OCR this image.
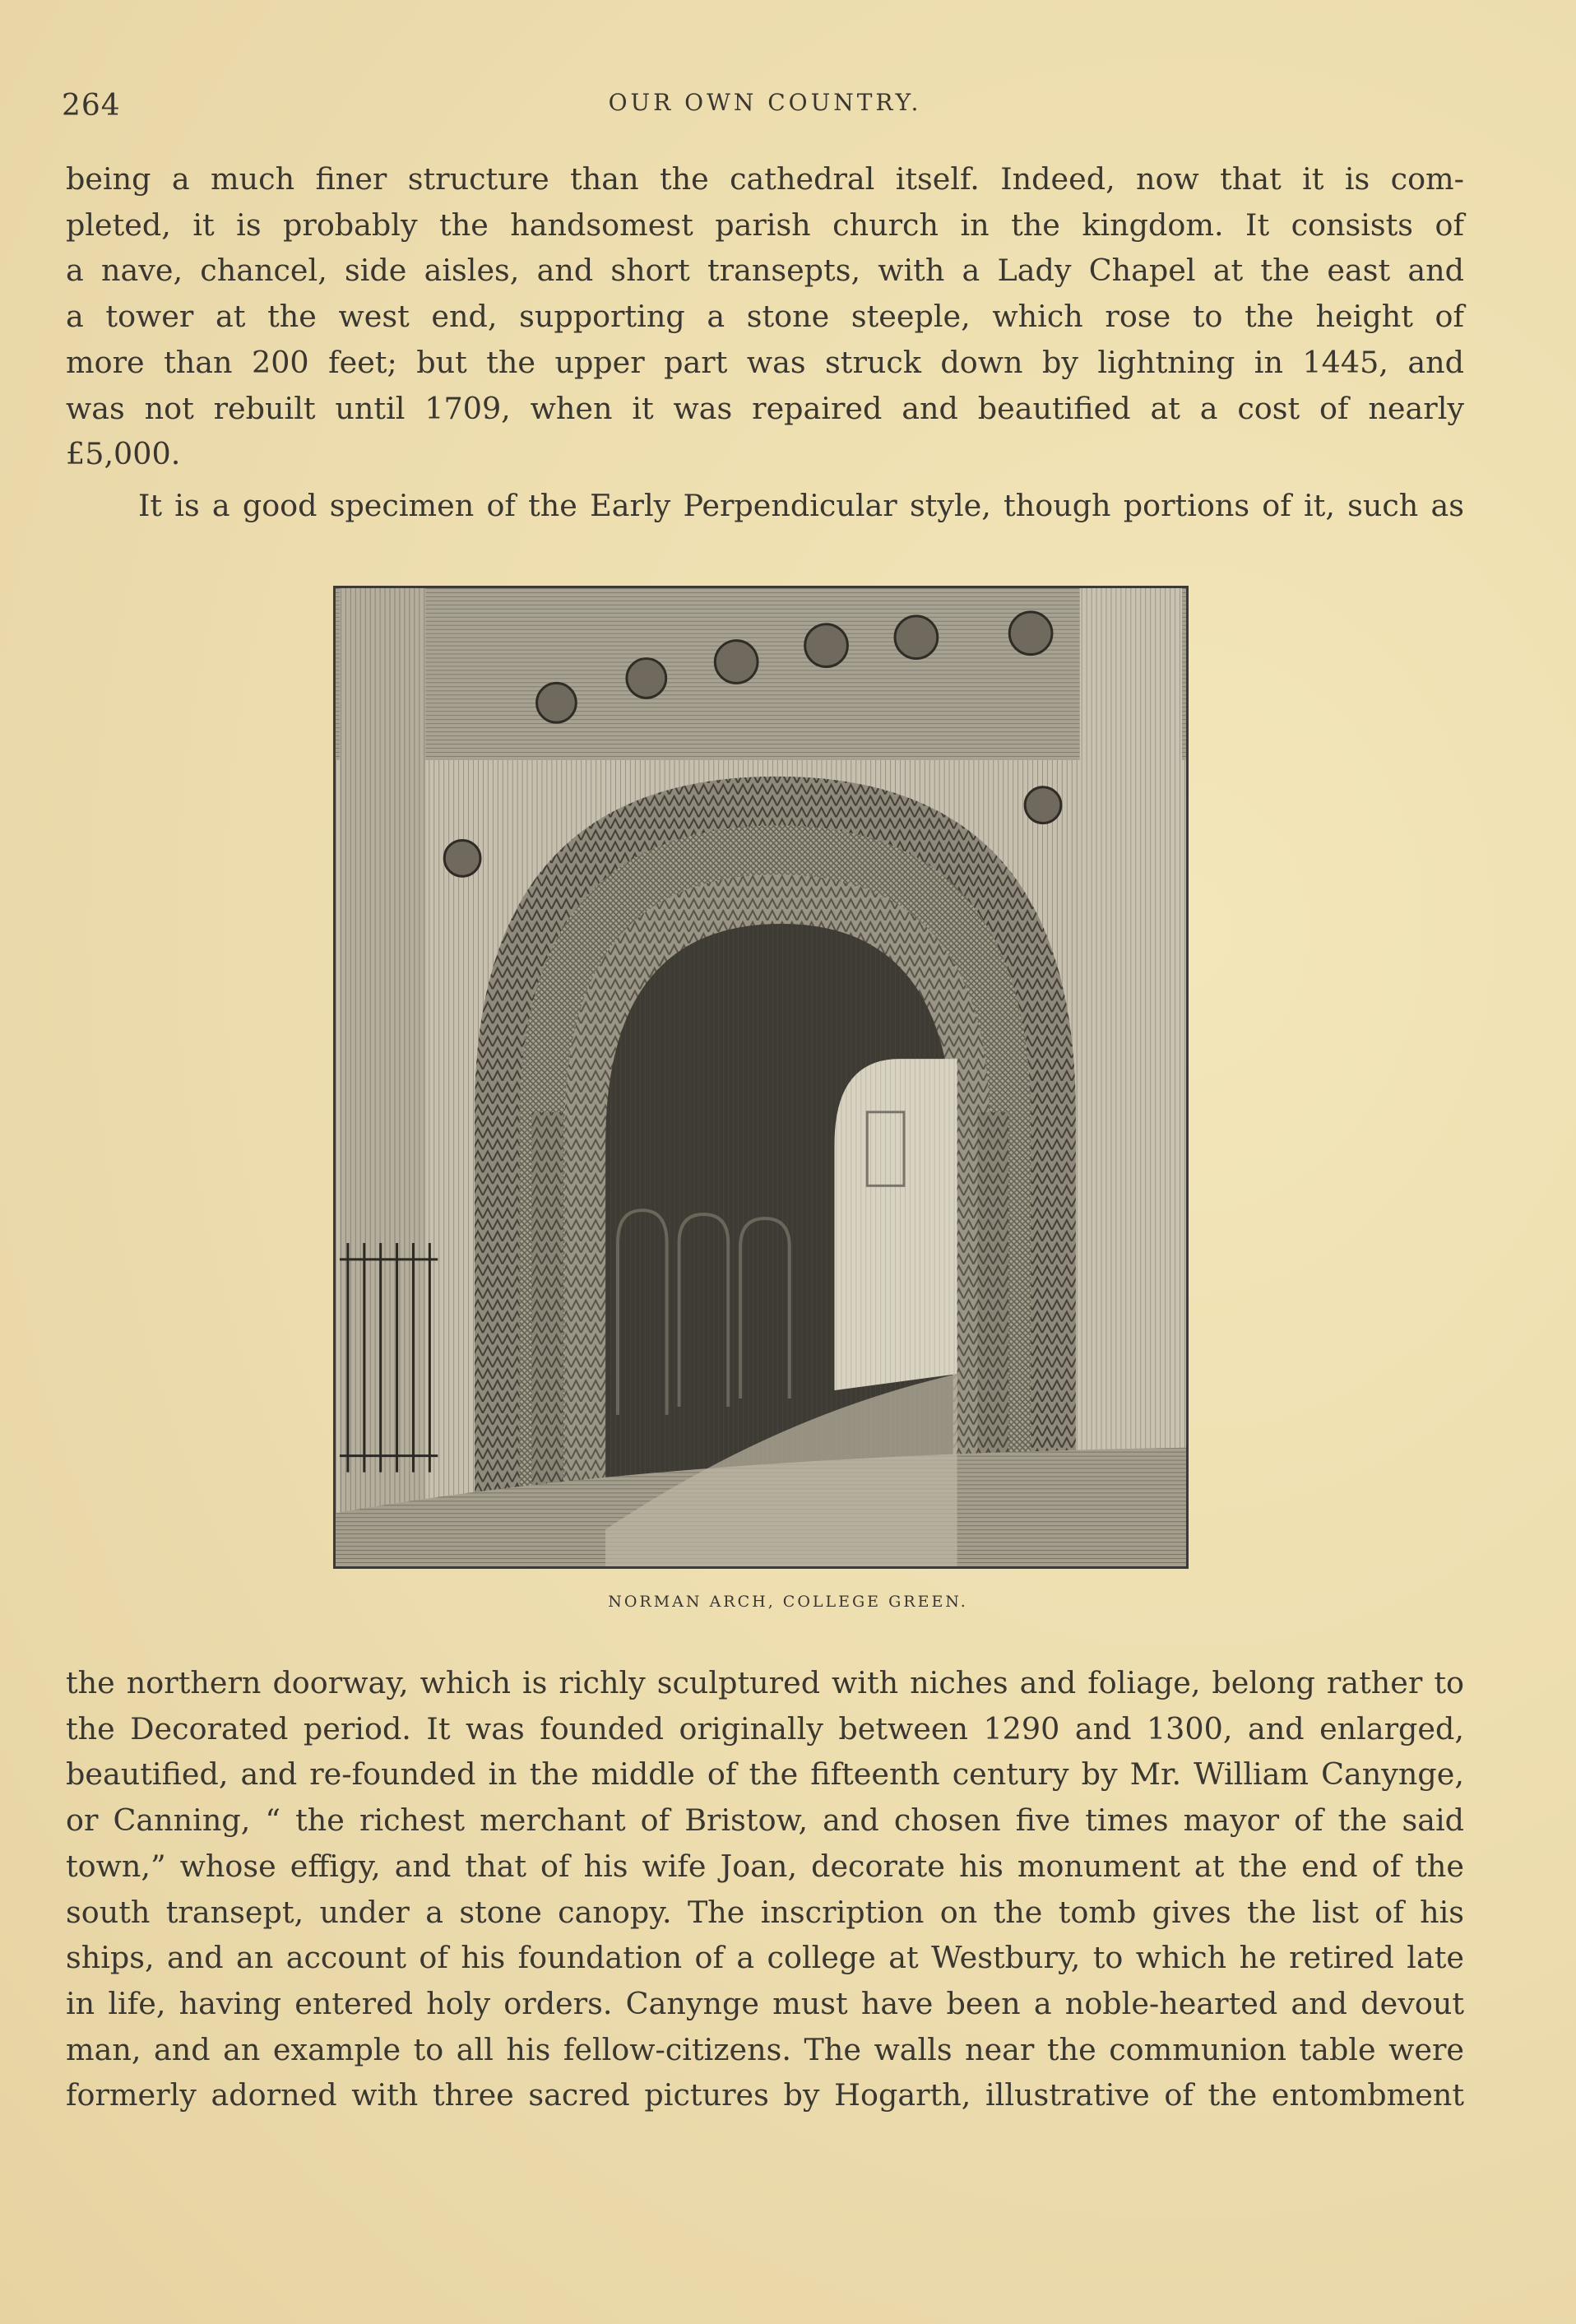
264	OUR OWN COUNTRY.
being a much finer structure than the cathedral itself. Indeed, now that it is com-
pleted, it is probably the handsomest parish church in the kingdom. It consists of
a nave, chancel, side aisles, and short transepts, with a Lady Chapel at the east and
a tower at the west end, supporting a stone steeple, which rose to the height of
more than 200 feet; but the upper part was struck down by lightning in 1445, and
was not rebuilt until 1709, when it was repaired and beautified at a cost of nearly
£5,000.
It is a good specimen of the Early Perpendicular style, though portions of it, such as
NORMAN ARCH, COLLEGE GREEN.
the northern doorway, which is richly sculptured with niches and foliage, belong rather to
the Decorated period. It was founded originally between 1290 and 1300, and enlarged,
beautified, and re-founded in the middle of the fifteenth century by Mr. William Canynge,
or Canning, “ the richest merchant of Bristow, and chosen five times mayor of the said
town,” whose effigy, and that of his wife Joan, decorate his monument at the end of the
south transept, under a stone canopy. The inscription on the tomb gives the list of his
ships, and an account of his foundation of a college at Westbury, to which he retired late
in life, having entered holy orders. Canynge must have been a noble-hearted and devout
man, and an example to all his fellow-citizens. The walls near the communion table were
formerly adorned with three sacred pictures by Hogarth, illustrative of the entombment
